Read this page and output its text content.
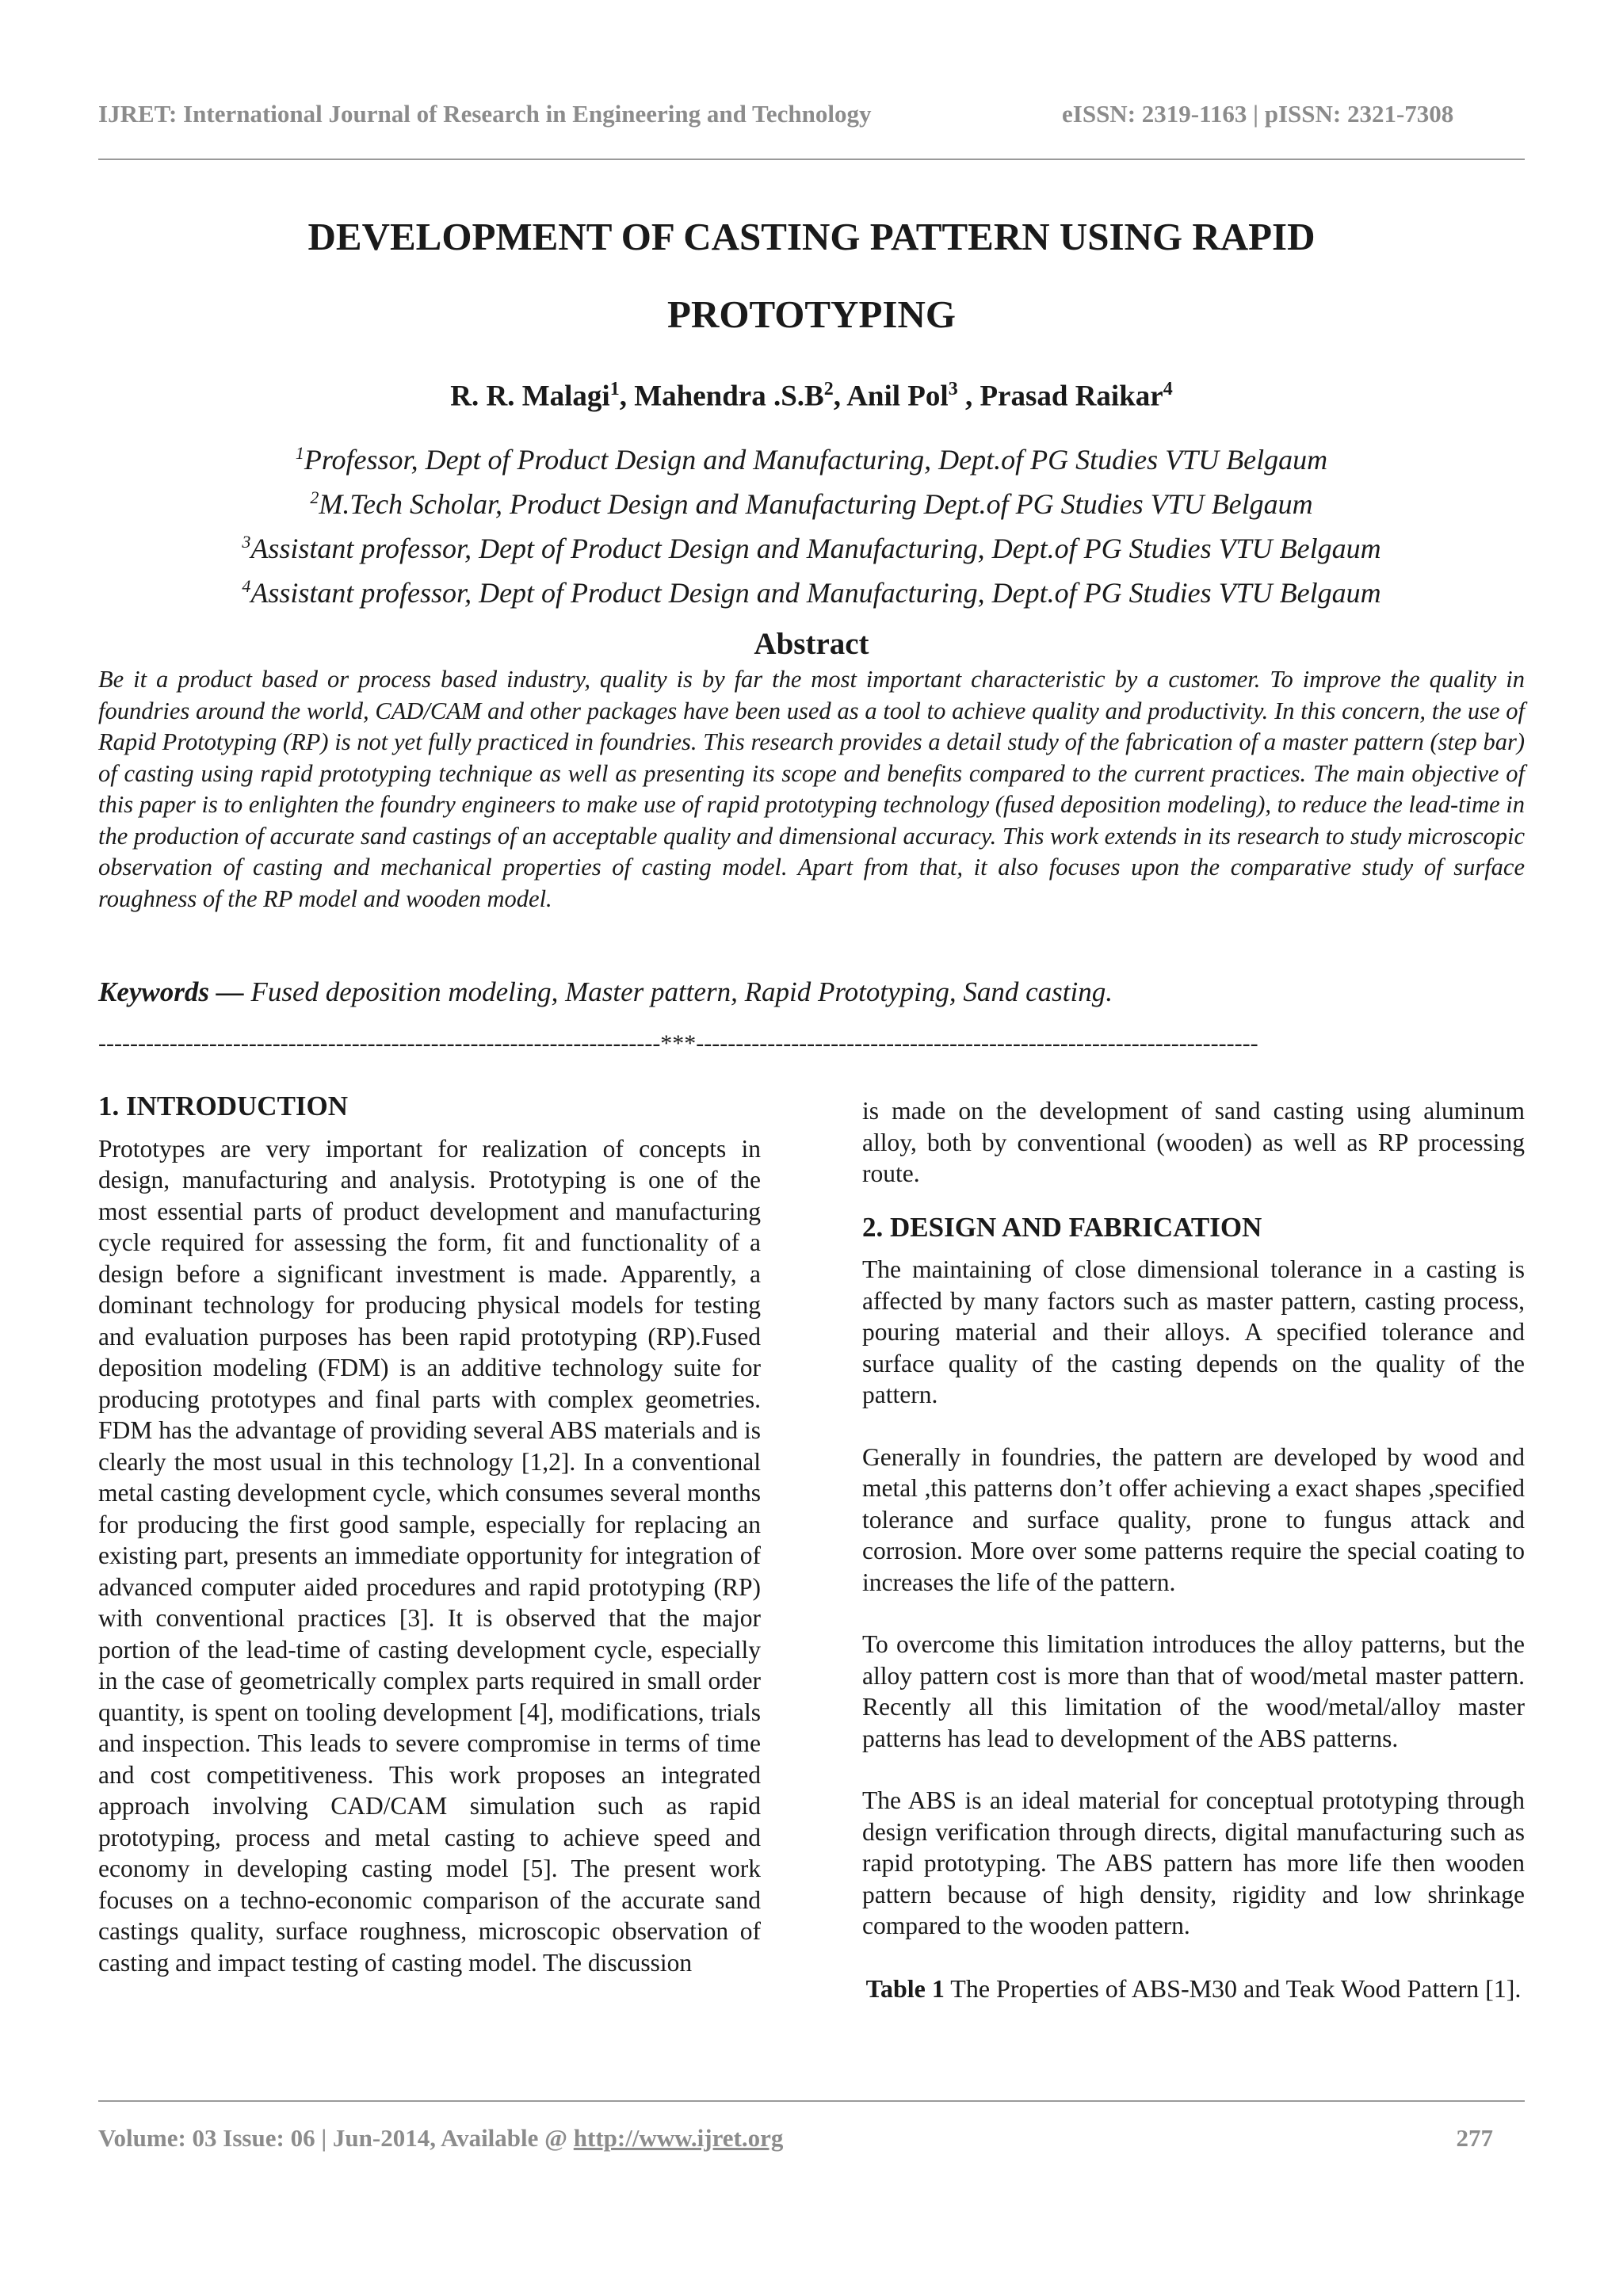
IJRET: International Journal of Research in Engineering and Technology	eISSN: 2319-1163 | pISSN: 2321-7308
DEVELOPMENT OF CASTING PATTERN USING RAPID
PROTOTYPING
R. R. Malagi$^1$, Mahendra $.S.B^2$, Anil Pol$^3$ , Prasad Raikar$^4$
$^1$Professor, Dept of Product Design and Manufacturing, Dept.of PG Studies VTU Belgaum
$^2$M.Tech Scholar, Product Design and Manufacturing Dept.of PG Studies VTU Belgaum
$^3$Assistant professor, Dept of Product Design and Manufacturing, Dept.of PG Studies VTU Belgaum
$^4$Assistant professor, Dept of Product Design and Manufacturing, Dept.of PG Studies VTU Belgaum
Abstract
Be it a product based or process based industry, quality is by far the most important characteristic by a customer. To improve the quality in foundries around the world, CAD/CAM and other packages have been used as a tool to achieve quality and productivity. In this concern, the use of Rapid Prototyping (RP) is not yet fully practiced in foundries. This research provides a detail study of the fabrication of a master pattern (step bar) of casting using rapid prototyping technique as well as presenting its scope and benefits compared to the current practices. The main objective of this paper is to enlighten the foundry engineers to make use of rapid prototyping technology (fused deposition modeling), to reduce the lead-time in the production of accurate sand castings of an acceptable quality and dimensional accuracy. This work extends in its research to study microscopic observation of casting and mechanical properties of casting model. Apart from that, it also focuses upon the comparative study of surface roughness of the RP model and wooden model.
Keywords — Fused deposition modeling, Master pattern, Rapid Prototyping, Sand casting.
-----------------------------------------------------------------------***-----------------------------------------------------------------------
1. INTRODUCTION

Prototypes are very important for realization of concepts in design, manufacturing and analysis. Prototyping is one of the most essential parts of product development and manufacturing cycle required for assessing the form, fit and functionality of a design before a significant investment is made. Apparently, a dominant technology for producing physical models for testing and evaluation purposes has been rapid prototyping (RP).Fused deposition modeling (FDM) is an additive technology suite for producing prototypes and final parts with complex geometries. FDM has the advantage of providing several ABS materials and is clearly the most usual in this technology [1,2]. In a conventional metal casting development cycle, which consumes several months for producing the first good sample, especially for replacing an existing part, presents an immediate opportunity for integration of advanced computer aided procedures and rapid prototyping (RP) with conventional practices [3]. It is observed that the major portion of the lead-time of casting development cycle, especially in the case of geometrically complex parts required in small order quantity, is spent on tooling development [4], modifications, trials and inspection. This leads to severe compromise in terms of time and cost competitiveness. This work proposes an integrated approach involving CAD/CAM simulation such as rapid prototyping, process and metal casting to achieve speed and economy in developing casting model [5]. The present work focuses on a techno-economic comparison of the accurate sand castings quality, surface roughness, microscopic observation of casting and impact testing of casting model. The discussion

is made on the development of sand casting using aluminum alloy, both by conventional (wooden) as well as RP processing route.

2. DESIGN AND FABRICATION

The maintaining of close dimensional tolerance in a casting is affected by many factors such as master pattern, casting process, pouring material and their alloys. A specified tolerance and surface quality of the casting depends on the quality of the pattern.

Generally in foundries, the pattern are developed by wood and metal ,this patterns don’t offer achieving a exact shapes ,specified tolerance and surface quality, prone to fungus attack and corrosion. More over some patterns require the special coating to increases the life of the pattern.

To overcome this limitation introduces the alloy patterns, but the alloy pattern cost is more than that of wood/metal master pattern. Recently all this limitation of the wood/metal/alloy master patterns has lead to development of the ABS patterns.

The ABS is an ideal material for conceptual prototyping through design verification through directs, digital manufacturing such as rapid prototyping. The ABS pattern has more life then wooden pattern because of high density, rigidity and low shrinkage compared to the wooden pattern.

Table 1 The Properties of ABS-M30 and Teak Wood Pattern [1].
Volume: 03 Issue: 06 | Jun-2014, Available @ http://www.ijret.org	277
